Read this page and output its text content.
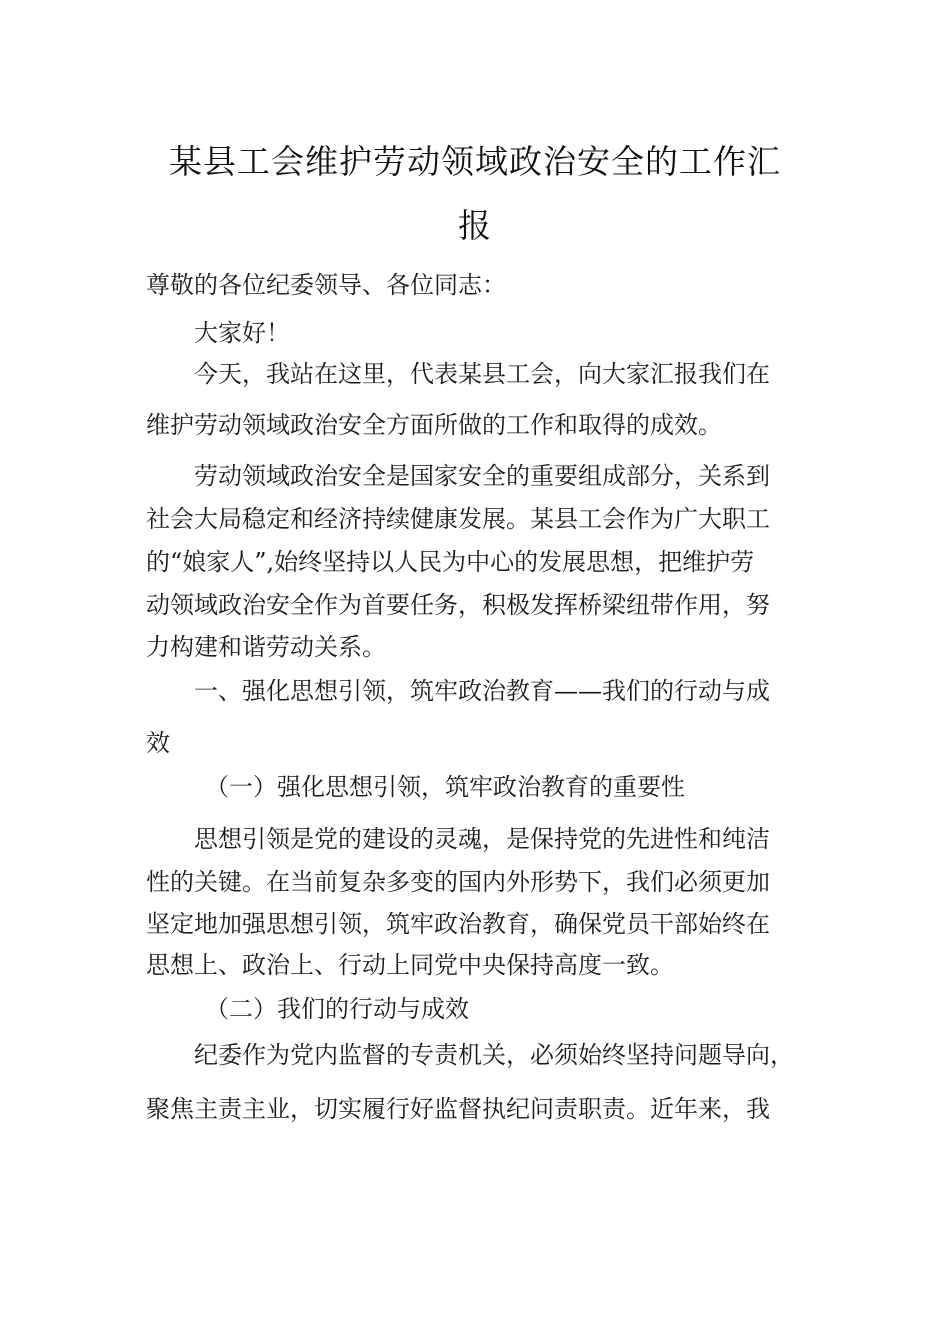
某县工会维护劳动领域政治安全的工作汇
报
尊敬的各位纪委领导、各位同志：
大家好！
今天，我站在这里，代表某县工会，向大家汇报我们在
维护劳动领域政治安全方面所做的工作和取得的成效。
劳动领域政治安全是国家安全的重要组成部分，关系到
社会大局稳定和经济持续健康发展。某县工会作为广大职工
的“娘家人”,始终坚持以人民为中心的发展思想，把维护劳
动领域政治安全作为首要任务，积极发挥桥梁纽带作用，努
力构建和谐劳动关系。
一、强化思想引领，筑牢政治教育——我们的行动与成
效
（一）强化思想引领，筑牢政治教育的重要性
思想引领是党的建设的灵魂，是保持党的先进性和纯洁
性的关键。在当前复杂多变的国内外形势下，我们必须更加
坚定地加强思想引领，筑牢政治教育，确保党员干部始终在
思想上、政治上、行动上同党中央保持高度一致。
（二）我们的行动与成效
纪委作为党内监督的专责机关，必须始终坚持问题导向，
聚焦主责主业，切实履行好监督执纪问责职责。近年来，我
